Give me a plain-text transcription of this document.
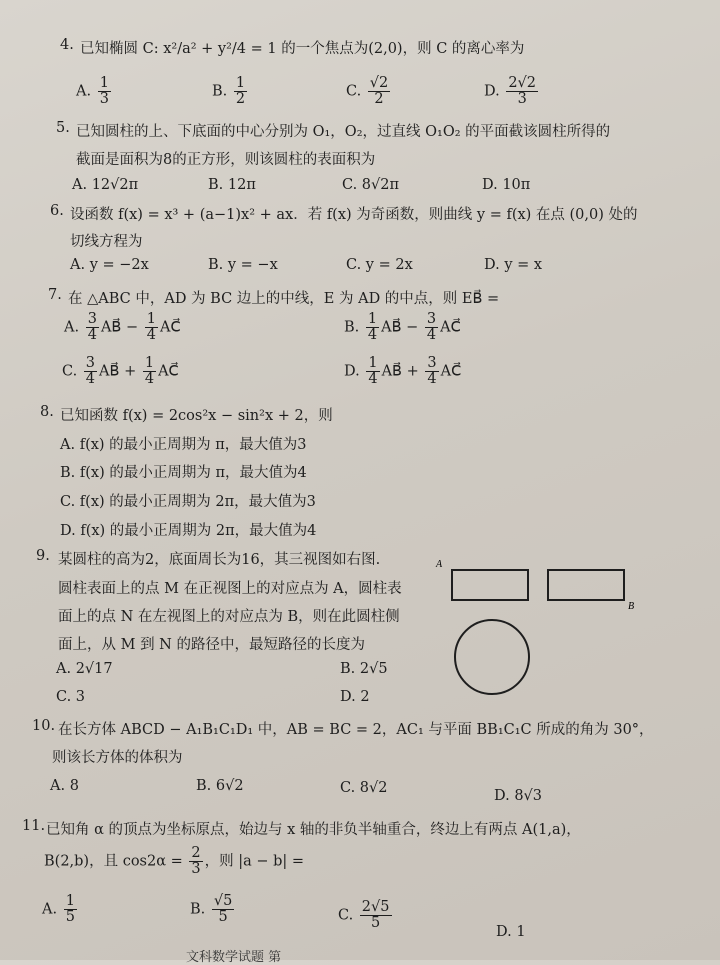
4. 已知椭圆 C: x²/a² + y²/4 = 1 的一个焦点为(2,0)，则 C 的离心率为
A. $\frac{1}{3}$	B. $\frac{1}{2}$	C. $\frac{√2}{2}$	D. $\frac{2√2}{3}$
5. 已知圆柱的上、下底面的中心分别为 O₁，O₂，过直线 O₁O₂ 的平面截该圆柱所得的
截面是面积为8的正方形，则该圆柱的表面积为
A. 12√2π	B. 12π	C. 8√2π	D. 10π
6. 设函数 f(x) = x³ + (a−1)x² + ax．若 f(x) 为奇函数，则曲线 y = f(x) 在点 (0,0) 处的
切线方程为
A. y = −2x	B. y = −x	C. y = 2x	D. y = x
7. 在 △ABC 中，AD 为 BC 边上的中线，E 为 AD 的中点，则 EB⃗ =
A. $\frac{3}{4}$ AB⃗ − $\frac{1}{4}$ AC⃗	B. $\frac{1}{4}$ AB⃗ − $\frac{3}{4}$ AC⃗
C. $\frac{3}{4}$ AB⃗ + $\frac{1}{4}$ AC⃗	D. $\frac{1}{4}$ AB⃗ + $\frac{3}{4}$ AC⃗
8. 已知函数 f(x) = 2cos²x − sin²x + 2，则
A. f(x) 的最小正周期为 π，最大值为3
B. f(x) 的最小正周期为 π，最大值为4
C. f(x) 的最小正周期为 2π，最大值为3
D. f(x) 的最小正周期为 2π，最大值为4
9. 某圆柱的高为2，底面周长为16，其三视图如右图.
圆柱表面上的点 M 在正视图上的对应点为 A，圆柱表
面上的点 N 在左视图上的对应点为 B，则在此圆柱侧
面上，从 M 到 N 的路径中，最短路径的长度为
A. 2√17	B. 2√5
C. 3	D. 2
A
B
10. 在长方体 ABCD − A₁B₁C₁D₁ 中，AB = BC = 2，AC₁ 与平面 BB₁C₁C 所成的角为 30°，
则该长方体的体积为
A. 8	B. 6√2	C. 8√2	D. 8√3
11. 已知角 α 的顶点为坐标原点，始边与 x 轴的非负半轴重合，终边上有两点 A(1,a)，
B(2,b)，且 $\cos 2\alpha = \frac{2}{3}$ ，则 |a − b| =
A. $\frac{1}{5}$	B. $\frac{√5}{5}$	C. $\frac{2√5}{5}$
D. 1
文科数学试题 第
